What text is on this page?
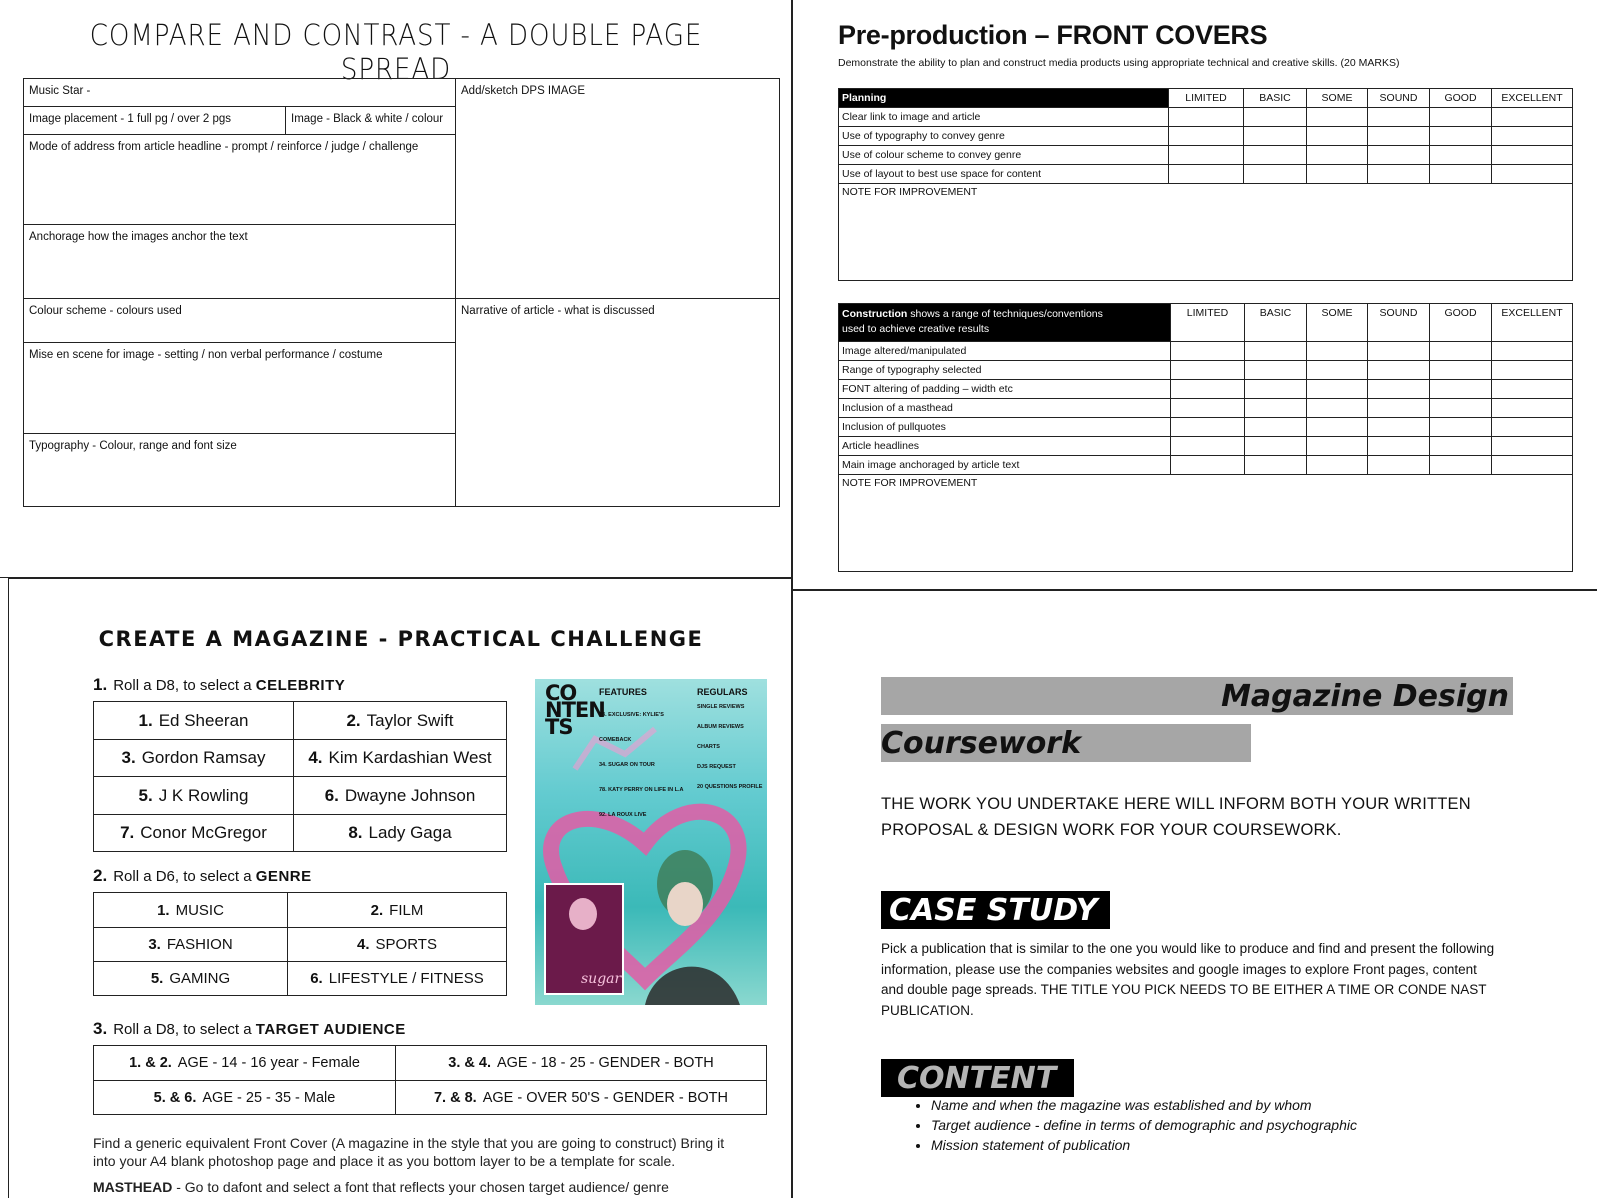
COMPARE AND CONTRAST - A DOUBLE PAGE SPREAD
Music Star -
Image placement - 1 full pg / over 2 pgs	Image - Black & white / colour
Mode of address from article headline - prompt / reinforce / judge / challenge
Anchorage how the images anchor the text
Colour scheme - colours used
Mise en scene for image - setting / non verbal performance / costume
Typography - Colour, range and font size
Add/sketch DPS IMAGE
Narrative of article - what is discussed
Pre-production – FRONT COVERS
Demonstrate the ability to plan and construct media products using appropriate technical and creative skills. (20 MARKS)
Planning	LIMITED	BASIC	SOME	SOUND	GOOD	EXCELLENT
Clear link to image and article						
Use of typography to convey genre						
Use of colour scheme to convey genre						
Use of layout to best use space for content						
NOTE FOR IMPROVEMENT						
Construction shows a range of techniques/conventions
used to achieve creative results	LIMITED	BASIC	SOME	SOUND	GOOD	EXCELLENT
Image altered/manipulated						
Range of typography selected						
FONT altering of padding – width etc						
Inclusion of a masthead						
Inclusion of pullquotes						
Article headlines						
Main image anchoraged by article text						
NOTE FOR IMPROVEMENT						
CREATE A MAGAZINE - PRACTICAL CHALLENGE
1. Roll a D8, to select a CELEBRITY
1. Ed Sheeran	2. Taylor Swift
3. Gordon Ramsay	4. Kim Kardashian West
5. J K Rowling	6. Dwayne Johnson
7. Conor McGregor	8. Lady Gaga
2. Roll a D6, to select a GENRE
1. MUSIC	2. FILM
3. FASHION	4. SPORTS
5. GAMING	6. LIFESTYLE / FITNESS
3. Roll a D8, to select a TARGET AUDIENCE
1. & 2. AGE - 14 - 16 year - Female	3. & 4. AGE - 18 - 25 - GENDER - BOTH
5. & 6. AGE - 25 - 35 - Male	7. & 8. AGE - OVER 50'S - GENDER - BOTH
Find a generic equivalent Front Cover (A magazine in the style that you are going to construct) Bring it into your A4 blank photoshop page and place it as you bottom layer to be a template for scale.
MASTHEAD - Go to dafont and select a font that reflects your chosen target audience/ genre
CO
NTEN
TS
FEATURES
23. EXCLUSIVE: KYLIE'S COMEBACK
34. SUGAR ON TOUR
78. KATY PERRY ON LIFE IN L.A
92. LA ROUX LIVE
REGULARS
SINGLE REVIEWS
ALBUM REVIEWS
CHARTS
DJS REQUEST
20 QUESTIONS PROFILE
sugar
Magazine Design
Coursework
THE WORK YOU UNDERTAKE HERE WILL INFORM BOTH YOUR WRITTEN PROPOSAL & DESIGN WORK FOR YOUR COURSEWORK.
CASE STUDY
Pick a publication that is similar to the one you would like to produce and find and present the following information, please use the companies websites and google images to explore Front pages, content and double page spreads. THE TITLE YOU PICK NEEDS TO BE EITHER A TIME OR CONDE NAST PUBLICATION.
CONTENT
• Name and when the magazine was established and by whom
• Target audience - define in terms of demographic and psychographic
• Mission statement of publication
